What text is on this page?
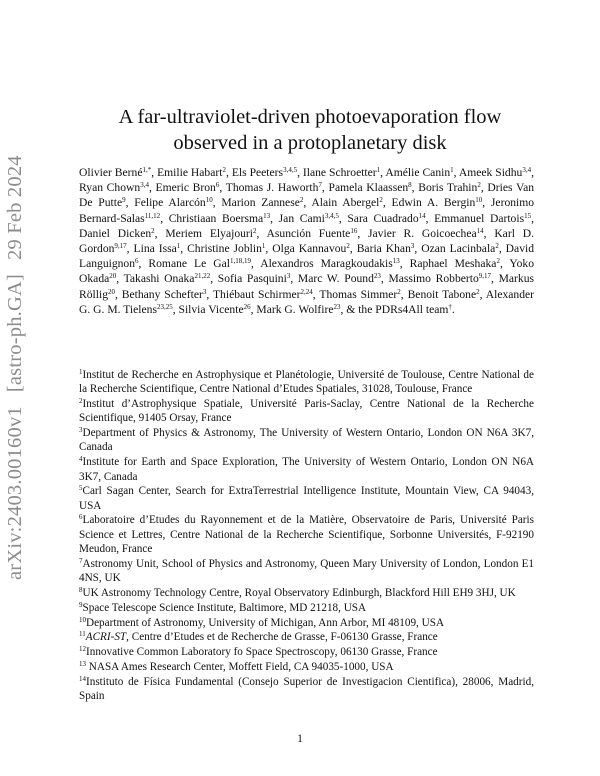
arXiv:2403.00160v1[astro-ph.GA]29 Feb 2024
A far-ultraviolet-driven photoevaporation flow
observed in a protoplanetary disk
Olivier Berné$^{1,*}$, Emilie Habart$^2$, Els Peeters$^{3,4,5}$, Ilane Schroetter$^1$, Amélie Canin$^1$, Ameek Sidhu$^{3,4}$, Ryan Chown$^{3,4}$, Emeric Bron$^6$, Thomas J. Haworth$^7$, Pamela Klaassen$^8$, Boris Trahin$^2$, Dries Van De Putte$^9$, Felipe Alarcón$^{10}$, Marion Zannese$^2$, Alain Abergel$^2$, Edwin A. Bergin$^{10}$, Jeronimo Bernard-Salas$^{11,12}$, Christiaan Boersma$^{13}$, Jan Cami$^{3,4,5}$, Sara Cuadrado$^{14}$, Emmanuel Dartois$^{15}$, Daniel Dicken$^2$, Meriem Elyajouri$^2$, Asunción Fuente$^{16}$, Javier R. Goicoechea$^{14}$, Karl D. Gordon$^{9,17}$, Lina Issa$^1$, Christine Joblin$^1$, Olga Kannavou$^2$, Baria Khan$^3$, Ozan Lacinbala$^2$, David Languignon$^6$, Romane Le Gal$^{1,18,19}$, Alexandros Maragkoudakis$^{13}$, Raphael Meshaka$^2$, Yoko Okada$^{20}$, Takashi Onaka$^{21,22}$, Sofia Pasquini$^3$, Marc W. Pound$^{23}$, Massimo Robberto$^{9,17}$, Markus Röllig$^{20}$, Bethany Schefter$^3$, Thiébaut Schirmer$^{2,24}$, Thomas Simmer$^2$, Benoit Tabone$^2$, Alexander G. G. M. Tielens$^{23,25}$, Silvia Vicente$^{26}$, Mark G. Wolfire$^{23}$, & the PDRs4All team†.
$^1$Institut de Recherche en Astrophysique et Planétologie, Université de Toulouse, Centre National de la Recherche Scientifique, Centre National d’Etudes Spatiales, 31028, Toulouse, France
$^2$Institut d’Astrophysique Spatiale, Université Paris-Saclay, Centre National de la Recherche Scientifique, 91405 Orsay, France
$^3$Department of Physics & Astronomy, The University of Western Ontario, London ON N6A 3K7, Canada
$^4$Institute for Earth and Space Exploration, The University of Western Ontario, London ON N6A 3K7, Canada
$^5$Carl Sagan Center, Search for ExtraTerrestrial Intelligence Institute, Mountain View, CA 94043, USA
$^6$Laboratoire d’Etudes du Rayonnement et de la Matière, Observatoire de Paris, Université Paris Science et Lettres, Centre National de la Recherche Scientifique, Sorbonne Universités, F-92190 Meudon, France
$^7$Astronomy Unit, School of Physics and Astronomy, Queen Mary University of London, London E1 4NS, UK
$^8$UK Astronomy Technology Centre, Royal Observatory Edinburgh, Blackford Hill EH9 3HJ, UK
$^9$Space Telescope Science Institute, Baltimore, MD 21218, USA
$^{10}$Department of Astronomy, University of Michigan, Ann Arbor, MI 48109, USA
$^{11}$ACRI-ST, Centre d’Etudes et de Recherche de Grasse, F-06130 Grasse, France
$^{12}$Innovative Common Laboratory fo Space Spectroscopy, 06130 Grasse, France
$^{13}$ NASA Ames Research Center, Moffett Field, CA 94035-1000, USA
$^{14}$Instituto de Física Fundamental (Consejo Superior de Investigacion Cientifica), 28006, Madrid, Spain
1
